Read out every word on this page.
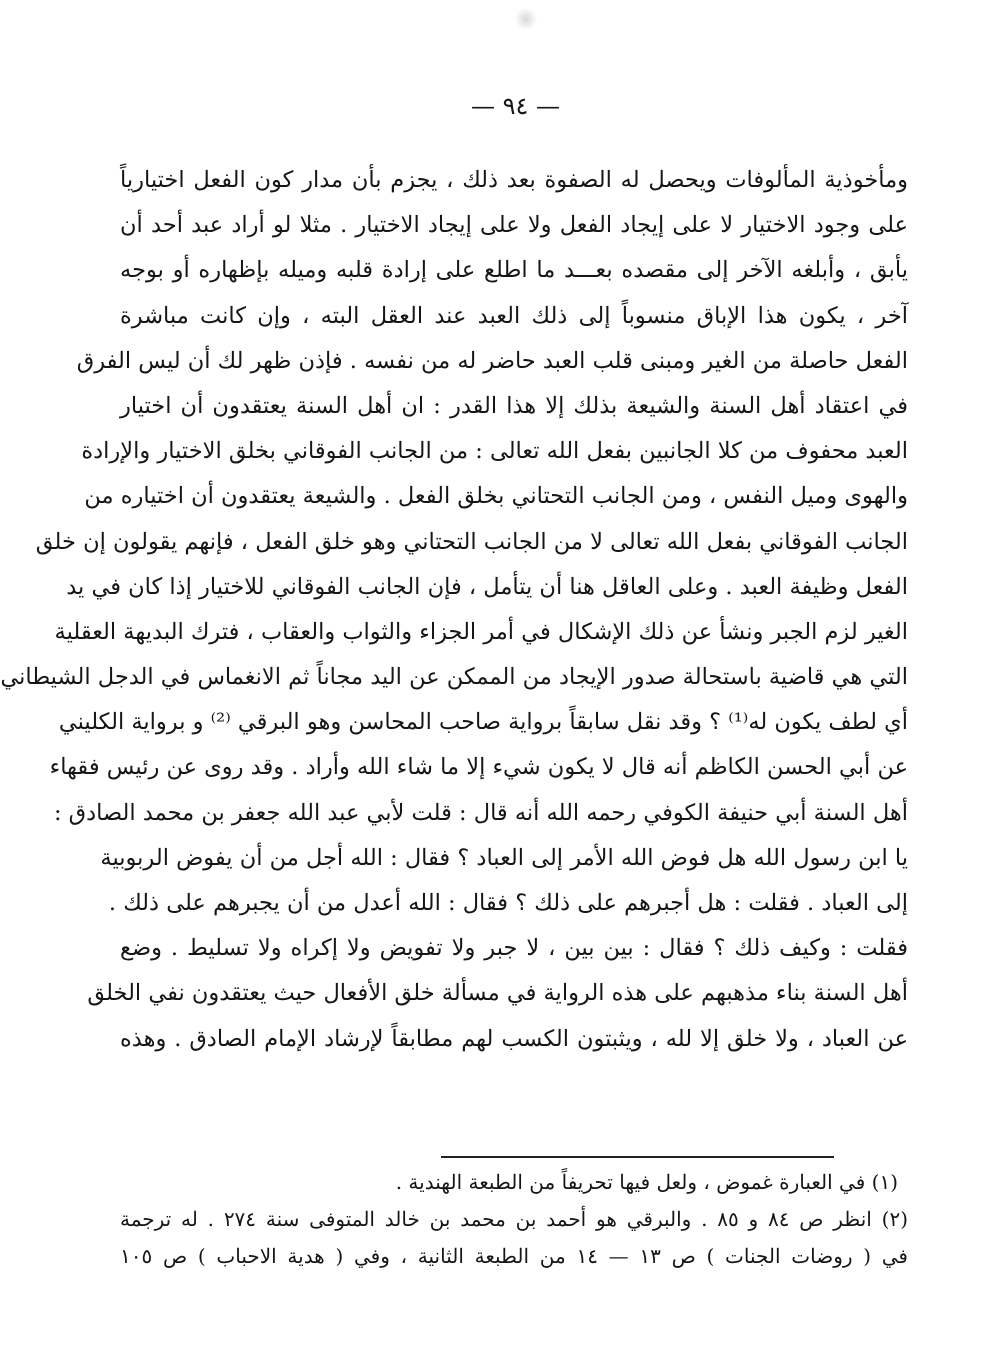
— ٩٤ —
ومأخوذية المألوفات ويحصل له الصفوة بعد ذلك ، يجزم بأن مدار كون الفعل اختيارياً
على وجود الاختيار لا على إيجاد الفعل ولا على إيجاد الاختيار . مثلا لو أراد عبد أحد أن
يأبق ، وأبلغه الآخر إلى مقصده بعـــد ما اطلع على إرادة قلبه وميله بإظهاره أو بوجه
آخر ، يكون هذا الإباق منسوباً إلى ذلك العبد عند العقل البته ، وإن كانت مباشرة
الفعل حاصلة من الغير ومبنى قلب العبد حاضر له من نفسه . فإذن ظهر لك أن ليس الفرق
في اعتقاد أهل السنة والشيعة بذلك إلا هذا القدر : ان أهل السنة يعتقدون أن اختيار
العبد محفوف من كلا الجانبين بفعل الله تعالى : من الجانب الفوقاني بخلق الاختيار والإرادة
والهوى وميل النفس ، ومن الجانب التحتاني بخلق الفعل . والشيعة يعتقدون أن اختياره من
الجانب الفوقاني بفعل الله تعالى لا من الجانب التحتاني وهو خلق الفعل ، فإنهم يقولون إن خلق
الفعل وظيفة العبد . وعلى العاقل هنا أن يتأمل ، فإن الجانب الفوقاني للاختيار إذا كان في يد
الغير لزم الجبر ونشأ عن ذلك الإشكال في أمر الجزاء والثواب والعقاب ، فترك البديهة العقلية
التي هي قاضية باستحالة صدور الإيجاد من الممكن عن اليد مجاناً ثم الانغماس في الدجل الشيطاني
أي لطف يكون له⁽¹⁾ ؟ وقد نقل سابقاً برواية صاحب المحاسن وهو البرقي ⁽²⁾ و برواية الكليني
عن أبي الحسن الكاظم أنه قال لا يكون شيء إلا ما شاء الله وأراد . وقد روى عن رئيس فقهاء
أهل السنة أبي حنيفة الكوفي رحمه الله أنه قال : قلت لأبي عبد الله جعفر بن محمد الصادق :
يا ابن رسول الله هل فوض الله الأمر إلى العباد ؟ فقال : الله أجل من أن يفوض الربوبية
إلى العباد . فقلت : هل أجبرهم على ذلك ؟ فقال : الله أعدل من أن يجبرهم على ذلك .
فقلت : وكيف ذلك ؟ فقال : بين بين ، لا جبر ولا تفويض ولا إكراه ولا تسليط . وضع
أهل السنة بناء مذهبهم على هذه الرواية في مسألة خلق الأفعال حيث يعتقدون نفي الخلق
عن العباد ، ولا خلق إلا لله ، ويثبتون الكسب لهم مطابقاً لإرشاد الإمام الصادق . وهذه
(١) في العبارة غموض ، ولعل فيها تحريفاً من الطبعة الهندية .
(٢) انظر ص ٨٤ و ٨٥ . والبرقي هو أحمد بن محمد بن خالد المتوفى سنة ٢٧٤ . له ترجمة
في ( روضات الجنات ) ص ١٣ — ١٤ من الطبعة الثانية ، وفي ( هدية الاحباب ) ص ١٠٥
